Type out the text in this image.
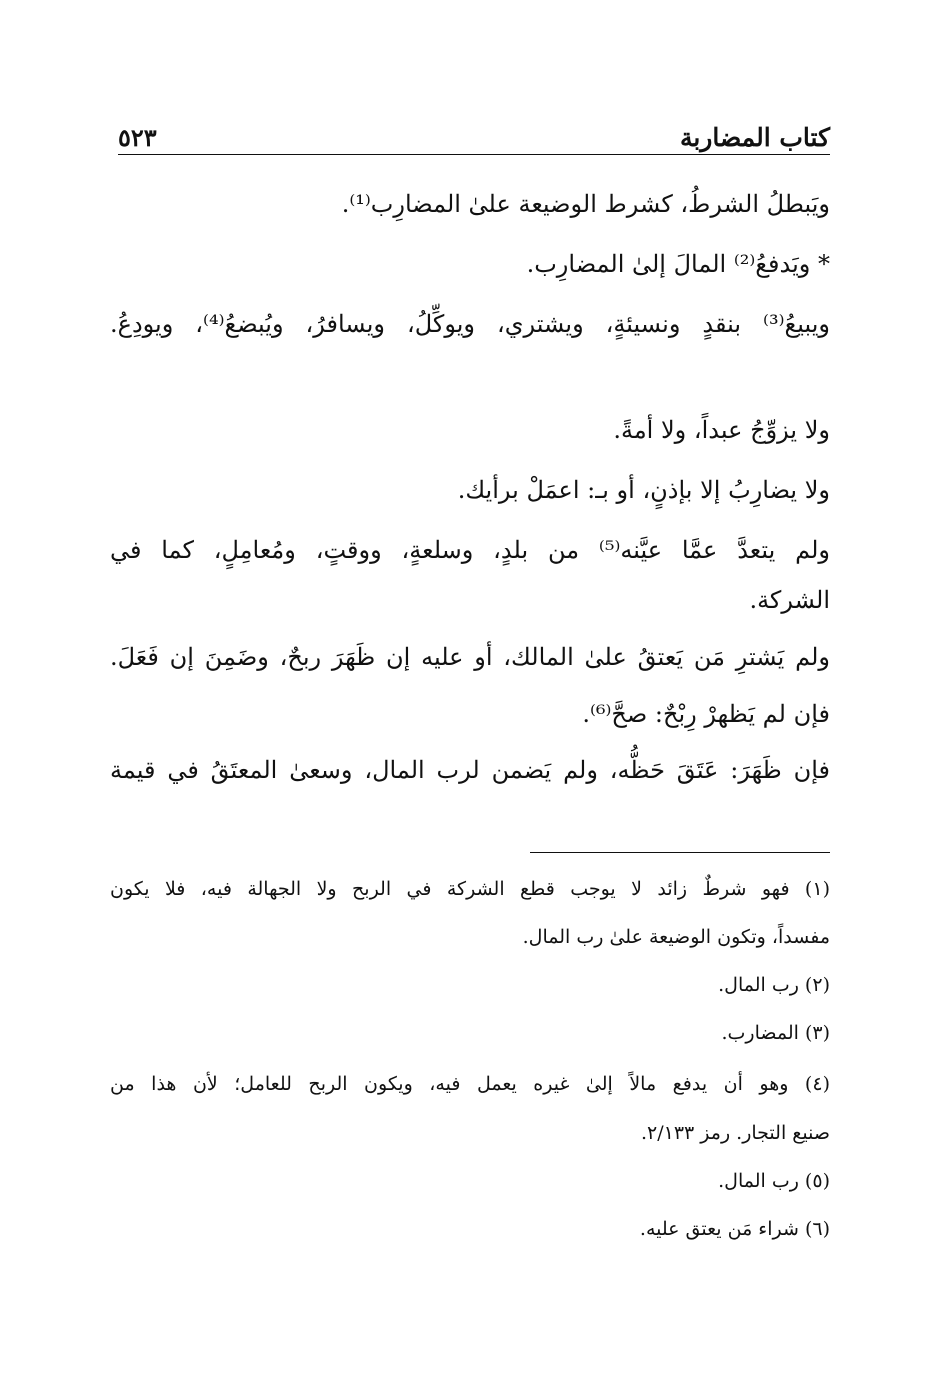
كتاب المضاربة
٥٢٣
ويَبطلُ الشرطُ، كشرط الوضيعة علىٰ المضارِب⁽¹⁾.
* ويَدفعُ⁽²⁾ المالَ إلىٰ المضارِب.
ويبيعُ⁽³⁾ بنقدٍ ونسيئةٍ، ويشتري، ويوكِّلُ، ويسافرُ، ويُبضعُ⁽⁴⁾، ويودِعُ.
ولا يزوِّجُ عبداً، ولا أمةً.
ولا يضارِبُ إلا بإذنٍ، أو بـ: اعمَلْ برأيك.
ولم يتعدَّ عمَّا عيَّنه⁽⁵⁾ من بلدٍ، وسلعةٍ، ووقتٍ، ومُعامِلٍ، كما في
الشركة.
ولم يَشترِ مَن يَعتقُ علىٰ المالك، أو عليه إن ظَهَرَ ربحٌ، وضَمِنَ إن فَعَلَ.
فإن لم يَظهرْ رِبْحٌ: صحَّ⁽⁶⁾.
فإن ظَهَرَ: عَتَقَ حَظُّه، ولم يَضمن لرب المال، وسعىٰ المعتَقُ في قيمة
(١) فهو شرطٌ زائد لا يوجب قطع الشركة في الربح ولا الجهالة فيه، فلا يكون
مفسداً، وتكون الوضيعة علىٰ رب المال.
(٢) رب المال.
(٣) المضارب.
(٤) وهو أن يدفع مالاً إلىٰ غيره يعمل فيه، ويكون الربح للعامل؛ لأن هذا من
صنيع التجار. رمز ٢/١٣٣.
(٥) رب المال.
(٦) شراء مَن يعتق عليه.
